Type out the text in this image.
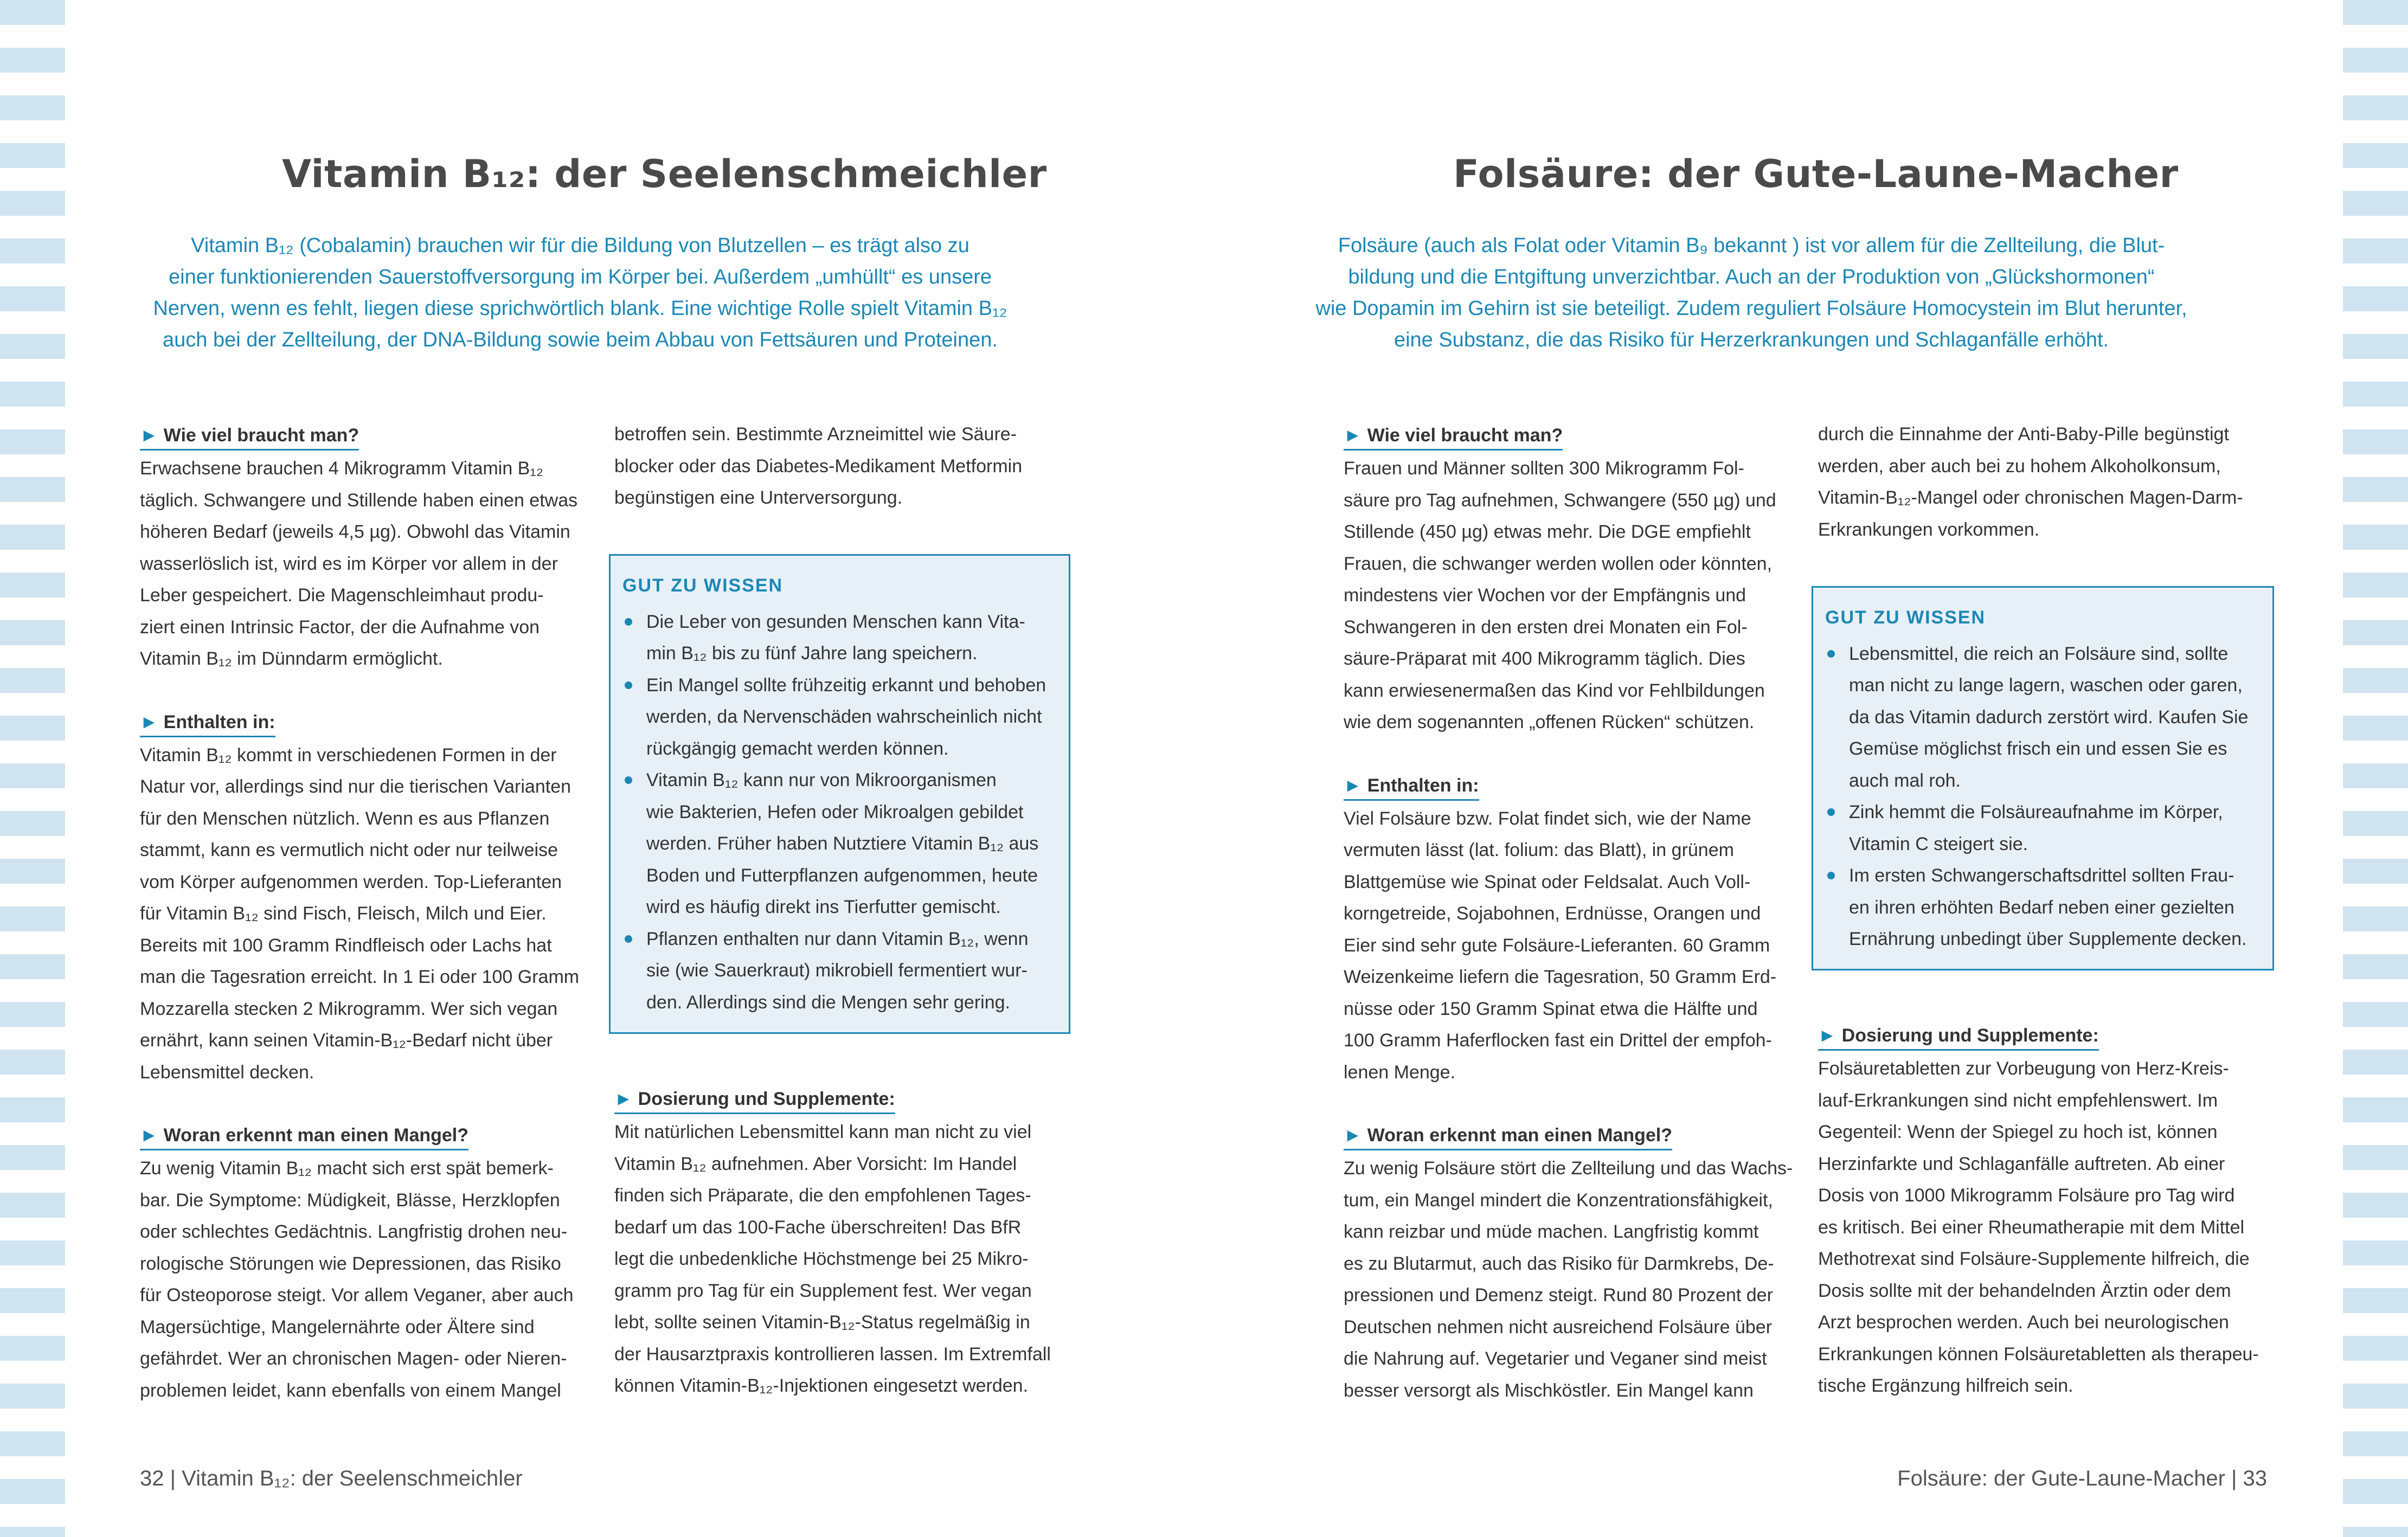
Vitamin B₁₂: der Seelenschmeichler
Vitamin B₁₂ (Cobalamin) brauchen wir für die Bildung von Blutzellen – es trägt also zu
einer funktionierenden Sauerstoffversorgung im Körper bei. Außerdem „umhüllt“ es unsere
Nerven, wenn es fehlt, liegen diese sprichwörtlich blank. Eine wichtige Rolle spielt Vitamin B₁₂
auch bei der Zellteilung, der DNA-Bildung sowie beim Abbau von Fettsäuren und Proteinen.
► Wie viel braucht man?

Erwachsene brauchen 4 Mikrogramm Vitamin B₁₂

täglich. Schwangere und Stillende haben einen etwas

höheren Bedarf (jeweils 4,5 µg). Obwohl das Vitamin

wasserlöslich ist, wird es im Körper vor allem in der

Leber gespeichert. Die Magenschleimhaut produ-

ziert einen Intrinsic Factor, der die Aufnahme von

Vitamin B₁₂ im Dünndarm ermöglicht.

► Enthalten in:

Vitamin B₁₂ kommt in verschiedenen Formen in der

Natur vor, allerdings sind nur die tierischen Varianten

für den Menschen nützlich. Wenn es aus Pflanzen

stammt, kann es vermutlich nicht oder nur teilweise

vom Körper aufgenommen werden. Top-Lieferanten

für Vitamin B₁₂ sind Fisch, Fleisch, Milch und Eier.

Bereits mit 100 Gramm Rindfleisch oder Lachs hat

man die Tagesration erreicht. In 1 Ei oder 100 Gramm

Mozzarella stecken 2 Mikrogramm. Wer sich vegan

ernährt, kann seinen Vitamin-B₁₂-Bedarf nicht über

Lebensmittel decken.

► Woran erkennt man einen Mangel?

Zu wenig Vitamin B₁₂ macht sich erst spät bemerk-

bar. Die Symptome: Müdigkeit, Blässe, Herzklopfen

oder schlechtes Gedächtnis. Langfristig drohen neu-

rologische Störungen wie Depressionen, das Risiko

für Osteoporose steigt. Vor allem Veganer, aber auch

Magersüchtige, Mangelernährte oder Ältere sind

gefährdet. Wer an chronischen Magen- oder Nieren-

problemen leidet, kann ebenfalls von einem Mangel

betroffen sein. Bestimmte Arzneimittel wie Säure-

blocker oder das Diabetes-Medikament Metformin

begünstigen eine Unterversorgung.

GUT ZU WISSEN
Die Leber von gesunden Menschen kann Vita-
min B₁₂ bis zu fünf Jahre lang speichern.
Ein Mangel sollte frühzeitig erkannt und behoben
werden, da Nervenschäden wahrscheinlich nicht
rückgängig gemacht werden können.
Vitamin B₁₂ kann nur von Mikroorganismen
wie Bakterien, Hefen oder Mikroalgen gebildet
werden. Früher haben Nutztiere Vitamin B₁₂ aus
Boden und Futterpflanzen aufgenommen, heute
wird es häufig direkt ins Tierfutter gemischt.
Pflanzen enthalten nur dann Vitamin B₁₂, wenn
sie (wie Sauerkraut) mikrobiell fermentiert wur-
den. Allerdings sind die Mengen sehr gering.
► Dosierung und Supplemente:

Mit natürlichen Lebensmittel kann man nicht zu viel

Vitamin B₁₂ aufnehmen. Aber Vorsicht: Im Handel

finden sich Präparate, die den empfohlenen Tages-

bedarf um das 100-Fache überschreiten! Das BfR

legt die unbedenkliche Höchstmenge bei 25 Mikro-

gramm pro Tag für ein Supplement fest. Wer vegan

lebt, sollte seinen Vitamin-B₁₂-Status regelmäßig in

der Hausarztpraxis kontrollieren lassen. Im Extremfall

können Vitamin-B₁₂-Injektionen eingesetzt werden.

32 | Vitamin B₁₂: der Seelenschmeichler
Folsäure: der Gute-Laune-Macher
Folsäure (auch als Folat oder Vitamin B₉ bekannt ) ist vor allem für die Zellteilung, die Blut-
bildung und die Entgiftung unverzichtbar. Auch an der Produktion von „Glückshormonen“
wie Dopamin im Gehirn ist sie beteiligt. Zudem reguliert Folsäure Homocystein im Blut herunter,
eine Substanz, die das Risiko für Herzerkrankungen und Schlaganfälle erhöht.
► Wie viel braucht man?

Frauen und Männer sollten 300 Mikrogramm Fol-

säure pro Tag aufnehmen, Schwangere (550 µg) und

Stillende (450 µg) etwas mehr. Die DGE empfiehlt

Frauen, die schwanger werden wollen oder könnten,

mindestens vier Wochen vor der Empfängnis und

Schwangeren in den ersten drei Monaten ein Fol-

säure-Präparat mit 400 Mikrogramm täglich. Dies

kann erwiesenermaßen das Kind vor Fehlbildungen

wie dem sogenannten „offenen Rücken“ schützen.

► Enthalten in:

Viel Folsäure bzw. Folat findet sich, wie der Name

vermuten lässt (lat. folium: das Blatt), in grünem

Blattgemüse wie Spinat oder Feldsalat. Auch Voll-

korngetreide, Sojabohnen, Erdnüsse, Orangen und

Eier sind sehr gute Folsäure-Lieferanten. 60 Gramm

Weizenkeime liefern die Tagesration, 50 Gramm Erd-

nüsse oder 150 Gramm Spinat etwa die Hälfte und

100 Gramm Haferflocken fast ein Drittel der empfoh-

lenen Menge.

► Woran erkennt man einen Mangel?

Zu wenig Folsäure stört die Zellteilung und das Wachs-

tum, ein Mangel mindert die Konzentrationsfähigkeit,

kann reizbar und müde machen. Langfristig kommt

es zu Blutarmut, auch das Risiko für Darmkrebs, De-

pressionen und Demenz steigt. Rund 80 Prozent der

Deutschen nehmen nicht ausreichend Folsäure über

die Nahrung auf. Vegetarier und Veganer sind meist

besser versorgt als Mischköstler. Ein Mangel kann

durch die Einnahme der Anti-Baby-Pille begünstigt

werden, aber auch bei zu hohem Alkoholkonsum,

Vitamin-B₁₂-Mangel oder chronischen Magen-Darm-

Erkrankungen vorkommen.

GUT ZU WISSEN
Lebensmittel, die reich an Folsäure sind, sollte
man nicht zu lange lagern, waschen oder garen,
da das Vitamin dadurch zerstört wird. Kaufen Sie
Gemüse möglichst frisch ein und essen Sie es
auch mal roh.
Zink hemmt die Folsäureaufnahme im Körper,
Vitamin C steigert sie.
Im ersten Schwangerschaftsdrittel sollten Frau-
en ihren erhöhten Bedarf neben einer gezielten
Ernährung unbedingt über Supplemente decken.
► Dosierung und Supplemente:

Folsäuretabletten zur Vorbeugung von Herz-Kreis-

lauf-Erkrankungen sind nicht empfehlenswert. Im

Gegenteil: Wenn der Spiegel zu hoch ist, können

Herzinfarkte und Schlaganfälle auftreten. Ab einer

Dosis von 1000 Mikrogramm Folsäure pro Tag wird

es kritisch. Bei einer Rheumatherapie mit dem Mittel

Methotrexat sind Folsäure-Supplemente hilfreich, die

Dosis sollte mit der behandelnden Ärztin oder dem

Arzt besprochen werden. Auch bei neurologischen

Erkrankungen können Folsäuretabletten als therapeu-

tische Ergänzung hilfreich sein.

Folsäure: der Gute-Laune-Macher | 33
